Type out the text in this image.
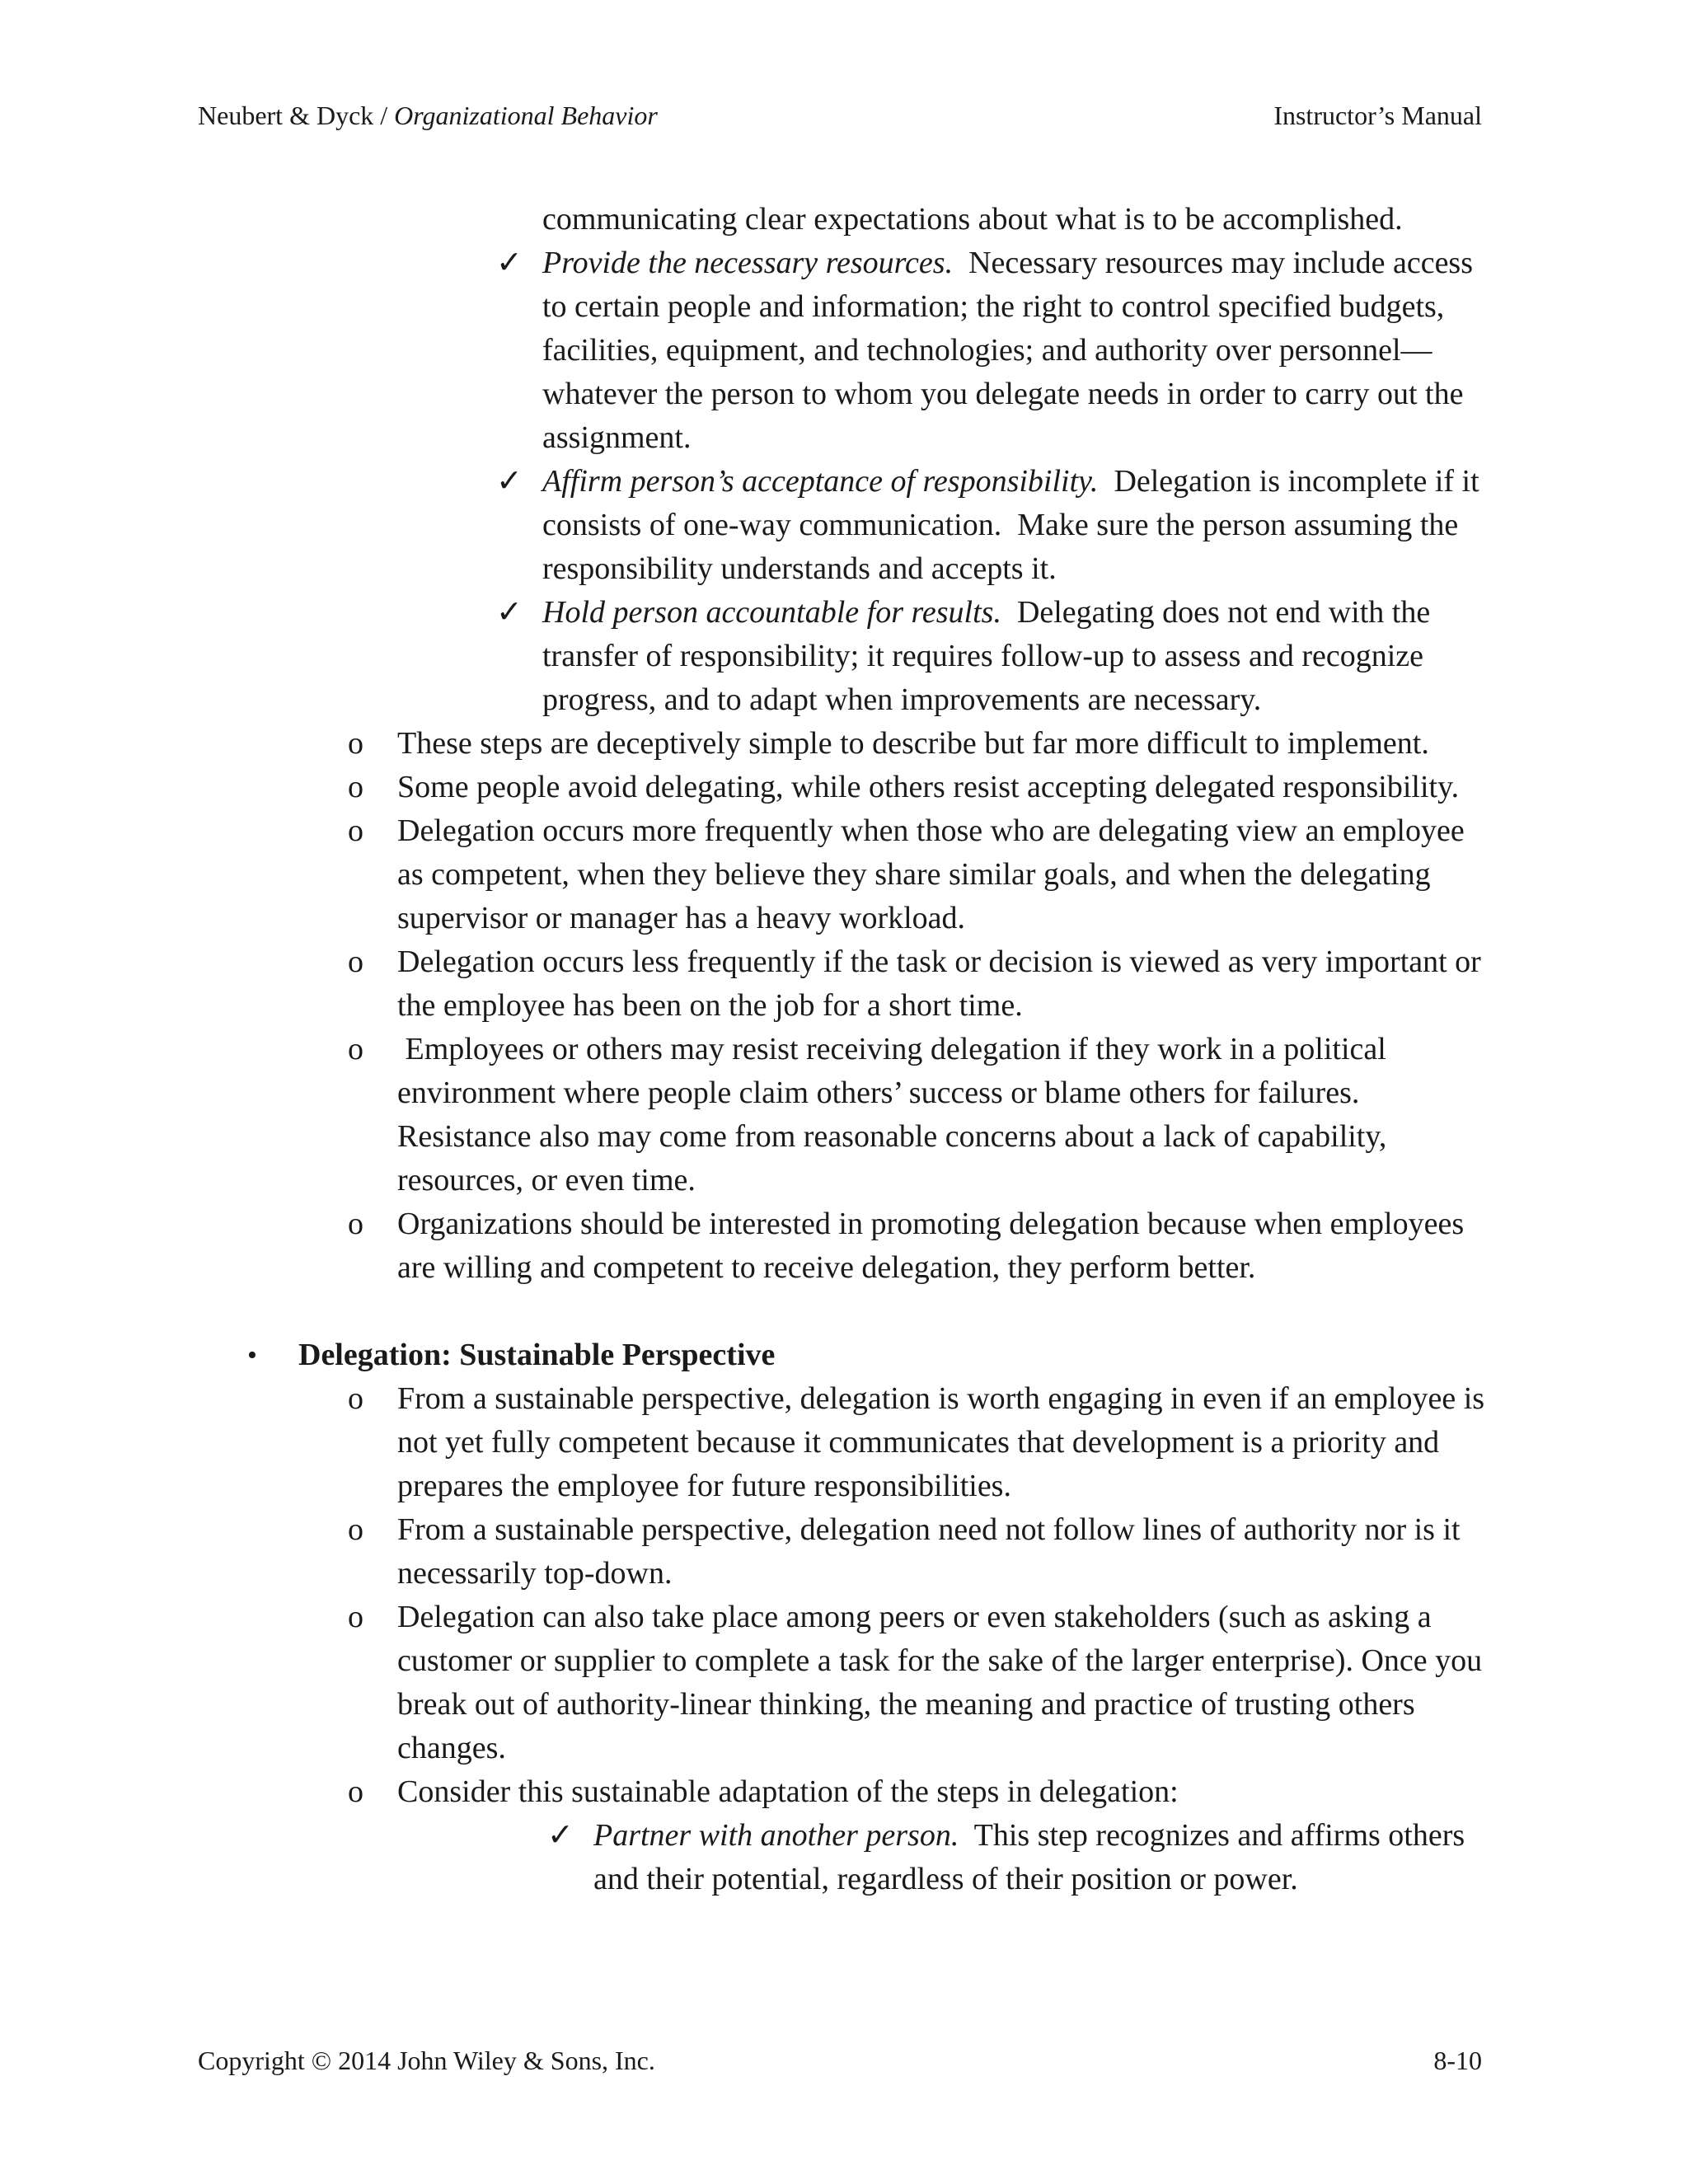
Neubert & Dyck / Organizational Behavior	Instructor’s Manual

communicating clear expectations about what is to be accomplished.

✓ Provide the necessary resources.  Necessary resources may include access to certain people and information; the right to control specified budgets, facilities, equipment, and technologies; and authority over personnel—whatever the person to whom you delegate needs in order to carry out the assignment.

✓ Affirm person’s acceptance of responsibility.  Delegation is incomplete if it consists of one-way communication.  Make sure the person assuming the responsibility understands and accepts it.

✓ Hold person accountable for results.  Delegating does not end with the transfer of responsibility; it requires follow-up to assess and recognize progress, and to adapt when improvements are necessary.

o These steps are deceptively simple to describe but far more difficult to implement.

o Some people avoid delegating, while others resist accepting delegated responsibility.

o Delegation occurs more frequently when those who are delegating view an employee as competent, when they believe they share similar goals, and when the delegating supervisor or manager has a heavy workload.

o Delegation occurs less frequently if the task or decision is viewed as very important or the employee has been on the job for a short time.

o Employees or others may resist receiving delegation if they work in a political environment where people claim others’ success or blame others for failures. Resistance also may come from reasonable concerns about a lack of capability, resources, or even time.

o Organizations should be interested in promoting delegation because when employees are willing and competent to receive delegation, they perform better.

• Delegation: Sustainable Perspective

o From a sustainable perspective, delegation is worth engaging in even if an employee is not yet fully competent because it communicates that development is a priority and prepares the employee for future responsibilities.

o From a sustainable perspective, delegation need not follow lines of authority nor is it necessarily top-down.

o Delegation can also take place among peers or even stakeholders (such as asking a customer or supplier to complete a task for the sake of the larger enterprise). Once you break out of authority-linear thinking, the meaning and practice of trusting others changes.

o Consider this sustainable adaptation of the steps in delegation:

✓ Partner with another person.  This step recognizes and affirms others and their potential, regardless of their position or power.

Copyright © 2014 John Wiley & Sons, Inc.	8-10
